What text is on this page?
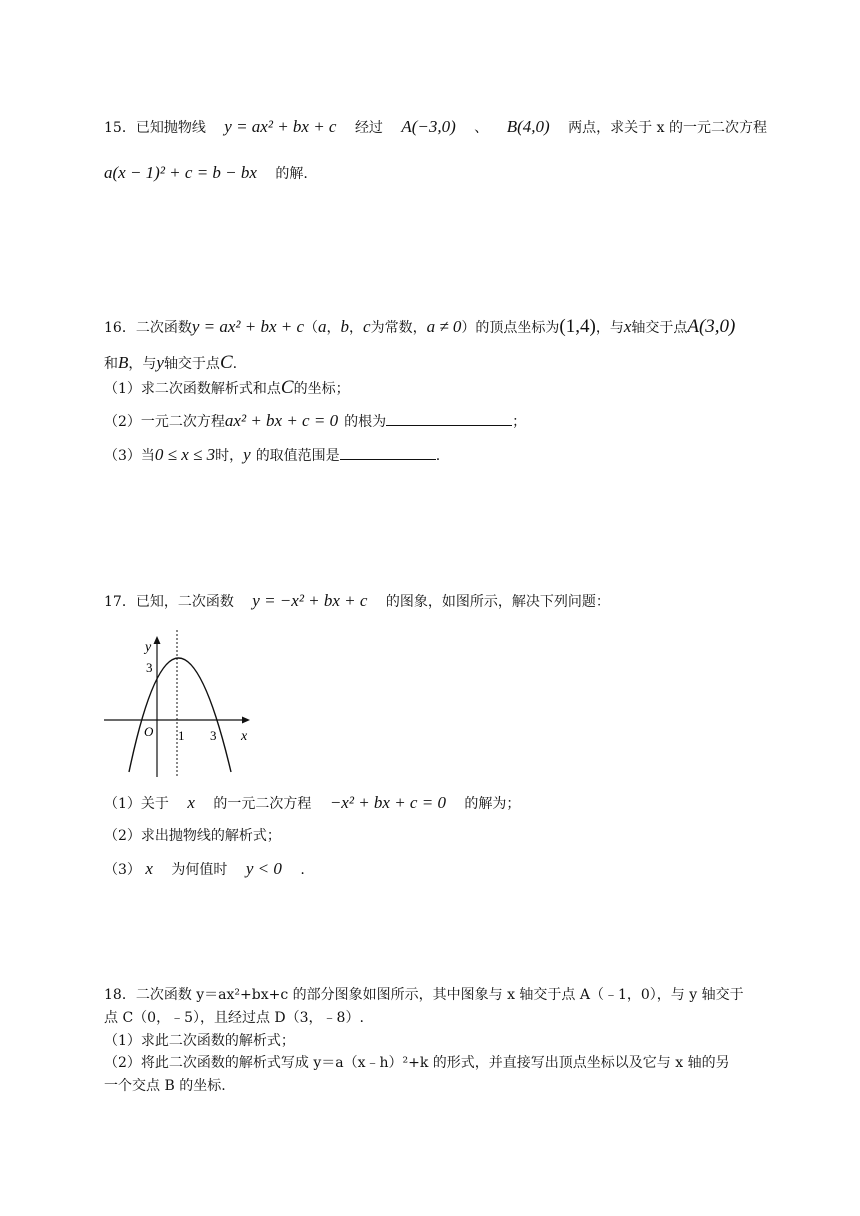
15．已知抛物线 y = ax² + bx + c 经过 A(−3,0) 、 B(4,0) 两点，求关于 x 的一元二次方程
a(x − 1)² + c = b − bx 的解.
16．二次函数y = ax² + bx + c（a，b，c为常数，a ≠ 0）的顶点坐标为(1,4)，与x轴交于点A(3,0)
和B，与y轴交于点C.
（1）求二次函数解析式和点C的坐标；
（2）一元二次方程ax² + bx + c = 0 的根为	；
（3）当0 ≤ x ≤ 3时，y 的取值范围是	.
17．已知，二次函数 y = −x² + bx + c 的图象，如图所示，解决下列问题：
y
3
O 1 3 x
（1）关于 x 的一元二次方程 −x² + bx + c = 0 的解为；
（2）求出抛物线的解析式；
（3） x 为何值时 y < 0 .
18．二次函数 y＝ax²+bx+c 的部分图象如图所示，其中图象与 x 轴交于点 A（﹣1，0），与 y 轴交于
点 C（0，﹣5），且经过点 D（3，﹣8）.
（1）求此二次函数的解析式；
（2）将此二次函数的解析式写成 y＝a（x﹣h）²+k 的形式，并直接写出顶点坐标以及它与 x 轴的另
一个交点 B 的坐标.
